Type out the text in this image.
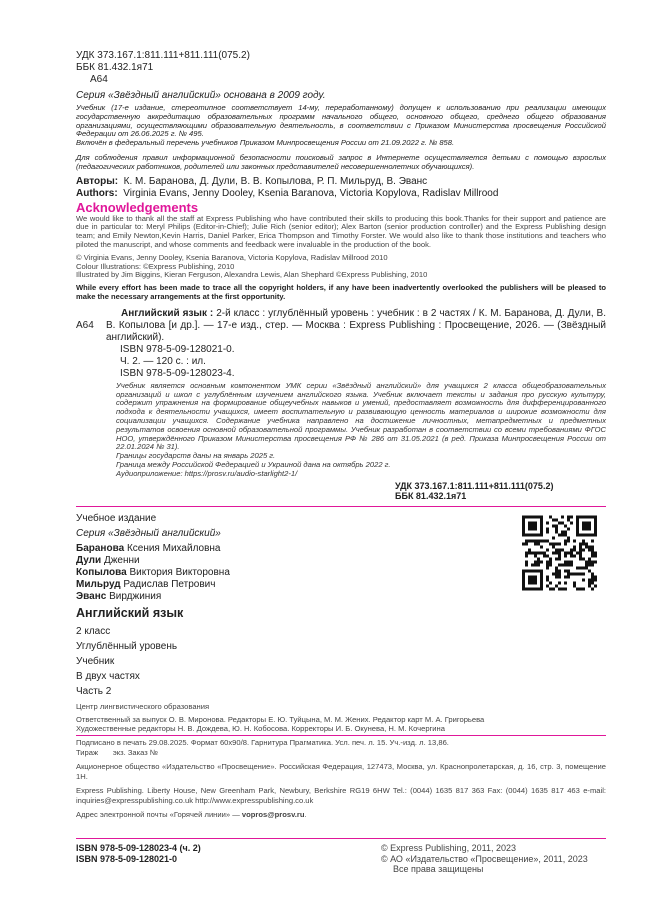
УДК 373.167.1:811.111+811.111(075.2)
ББК 81.432.1я71
А64
Серия «Звёздный английский» основана в 2009 году.
Учебник (17-е издание, стереотипное соответствует 14-му, переработанному) допущен к использованию при реализации имеющих государственную аккредитацию образовательных программ начального общего, основного общего, среднего общего образования организациями, осуществляющими образовательную деятельность, в соответствии с Приказом Министерства просвещения Российской Федерации от 26.06.2025 г. № 495.
Включён в федеральный перечень учебников Приказом Минпросвещения России от 21.09.2022 г. № 858.
Для соблюдения правил информационной безопасности поисковый запрос в Интернете осуществляется детьми с помощью взрослых (педагогических работников, родителей или законных представителей несовершеннолетних обучающихся).
Авторы: К. М. Баранова, Д. Дули, В. В. Копылова, Р. П. Мильруд, В. Эванс
Authors: Virginia Evans, Jenny Dooley, Ksenia Baranova, Victoria Kopylova, Radislav Millrood
Acknowledgements
We would like to thank all the staff at Express Publishing who have contributed their skills to producing this book.Thanks for their support and patience are due in particular to: Meryl Philips (Editor-in-Chief); Julie Rich (senior editor); Alex Barton (senior production controller) and the Express Publishing design team; and Emily Newton,Kevin Harris, Daniel Parker, Erica Thompson and Timothy Forster. We would also like to thank those institutions and teachers who piloted the manuscript, and whose comments and feedback were invaluable in the production of the book.
© Virginia Evans, Jenny Dooley, Ksenia Baranova, Victoria Kopylova, Radislav Millrood 2010
Colour Illustrations: ©Express Publishing, 2010
Illustrated by Jim Biggins, Kieran Ferguson, Alexandra Lewis, Alan Shephard ©Express Publishing, 2010
While every effort has been made to trace all the copyright holders, if any have been inadvertently overlooked the publishers will be pleased to make the necessary arrangements at the first opportunity.
А64
Английский язык : 2-й класс : углублённый уровень : учебник : в 2 частях / К. М. Баранова, Д. Дули, В. В. Копылова [и др.]. — 17-е изд., стер. — Москва : Express Publishing : Просвещение, 2026. — (Звёздный английский).
ISBN 978-5-09-128021-0.
Ч. 2. — 120 с. : ил.
ISBN 978-5-09-128023-4.
Учебник является основным компонентом УМК серии «Звёздный английский» для учащихся 2 класса общеобразовательных организаций и школ с углублённым изучением английского языка. Учебник включает тексты и задания про русскую культуру, содержит упражнения на формирование общеучебных навыков и умений, предоставляет возможность для дифференцированного подхода к деятельности учащихся, имеет воспитательную и развивающую ценность материалов и широкие возможности для социализации учащихся. Содержание учебника направлено на достижение личностных, метапредметных и предметных результатов освоения основной образовательной программы. Учебник разработан в соответствии со всеми требованиями ФГОС НОО, утверждённого Приказом Министерства просвещения РФ № 286 от 31.05.2021 (в ред. Приказа Минпросвещения России от 22.01.2024 № 31).
Границы государств даны на январь 2025 г.
Граница между Российской Федерацией и Украиной дана на октябрь 2022 г.
Аудиоприложение: https://prosv.ru/audio-starlight2-1/
УДК 373.167.1:811.111+811.111(075.2)
ББК 81.432.1я71
Учебное издание
Серия «Звёздный английский»
Баранова Ксения Михайловна
Дули Дженни
Копылова Виктория Викторовна
Мильруд Радислав Петрович
Эванс Вирджиния
Английский язык
2 класс
Углублённый уровень
Учебник
В двух частях
Часть 2
Центр лингвистического образования
Ответственный за выпуск О. В. Миронова. Редакторы Е. Ю. Туйцына, М. М. Жених. Редактор карт М. А. Григорьева
Художественные редакторы Н. В. Дождева, Ю. Н. Кобосова. Корректоры И. Б. Окунева, Н. М. Кочергина
Подписано в печать 29.08.2025. Формат 60x90/8. Гарнитура Прагматика. Усл. печ. л. 15. Уч.-изд. л. 13,86.
Тираж       экз. Заказ №
Акционерное общество «Издательство «Просвещение». Российская Федерация, 127473, Москва, ул. Краснопролетарская, д. 16, стр. 3, помещение 1Н.
Express Publishing. Liberty House, New Greenham Park, Newbury, Berkshire RG19 6HW Tel.: (0044) 1635 817 363 Fax: (0044) 1635 817 463 e-mail: inquiries@expresspublishing.co.uk http://www.expresspublishing.co.uk
Адрес электронной почты «Горячей линии» — vopros@prosv.ru.
ISBN 978-5-09-128023-4 (ч. 2)
ISBN 978-5-09-128021-0
© Express Publishing, 2011, 2023
© АО «Издательство «Просвещение», 2011, 2023
Все права защищены
